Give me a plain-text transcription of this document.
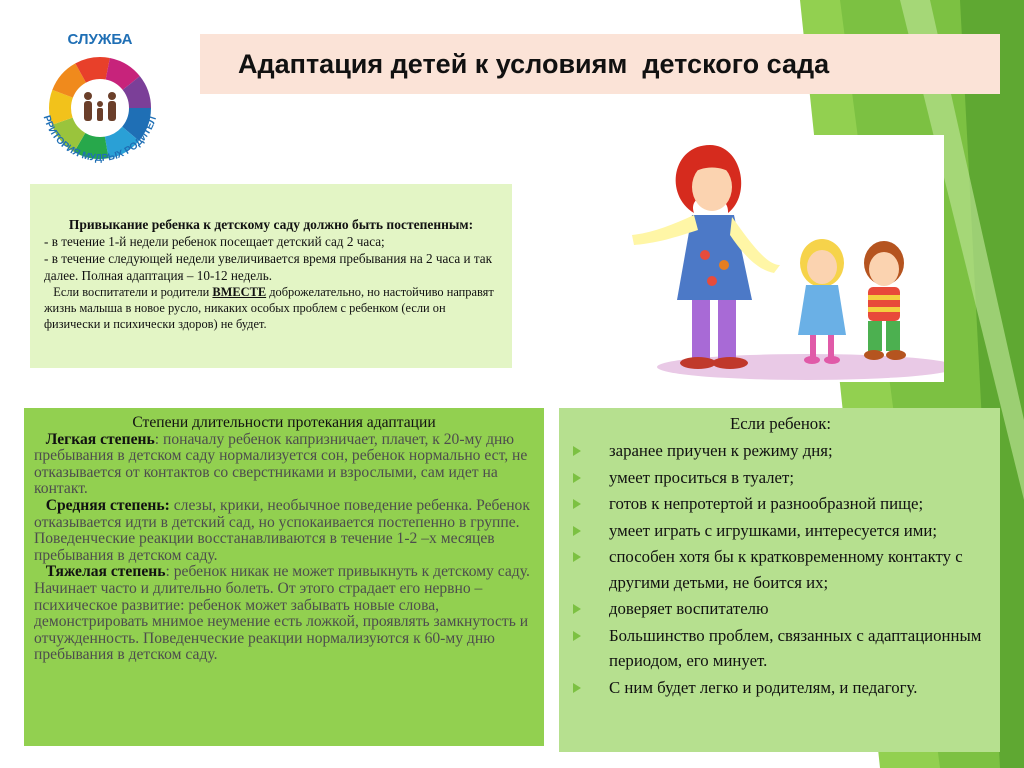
СЛУЖБА
РРИТОРИЯ МУДРЫХ РОДИТЕЛ
Адаптация детей к условиям  детского сада
Привыкание ребенка к детскому саду должно быть постепенным:
- в течение 1-й недели ребенок посещает детский сад 2 часа;
- в течение следующей недели увеличивается время пребывания на 2 часа и так далее. Полная адаптация – 10-12 недель.
Если воспитатели и родители ВМЕСТЕ доброжелательно, но настойчиво направят жизнь малыша в новое русло, никаких особых проблем с ребенком (если он физически и психически здоров) не будет.
Степени длительности протекания адаптации
Легкая степень: поначалу ребенок капризничает, плачет, к 20-му дню пребывания в детском саду нормализуется сон, ребенок нормально ест, не отказывается от контактов со сверстниками и взрослыми, сам идет на контакт.
Средняя степень: слезы, крики, необычное поведение ребенка. Ребенок отказывается идти в детский сад, но успокаивается постепенно в группе. Поведенческие реакции восстанавливаются в течение 1-2 –х месяцев пребывания в детском саду.
Тяжелая степень: ребенок никак не может привыкнуть к детскому саду. Начинает часто и длительно болеть. От этого страдает его нервно – психическое развитие: ребенок может забывать новые слова, демонстрировать мнимое неумение есть ложкой, проявлять замкнутость и отчужденность. Поведенческие реакции нормализуются к 60-му дню пребывания в детском саду.
Если ребенок:
заранее приучен к режиму дня;
умеет проситься в туалет;
готов к непротертой и разнообразной пище;
умеет играть с игрушками, интересуется ими;
способен хотя бы к кратковременному контакту с другими детьми, не боится их;
доверяет воспитателю
Большинство проблем, связанных с адаптационным периодом, его минует.
С ним будет легко и родителям, и педагогу.
